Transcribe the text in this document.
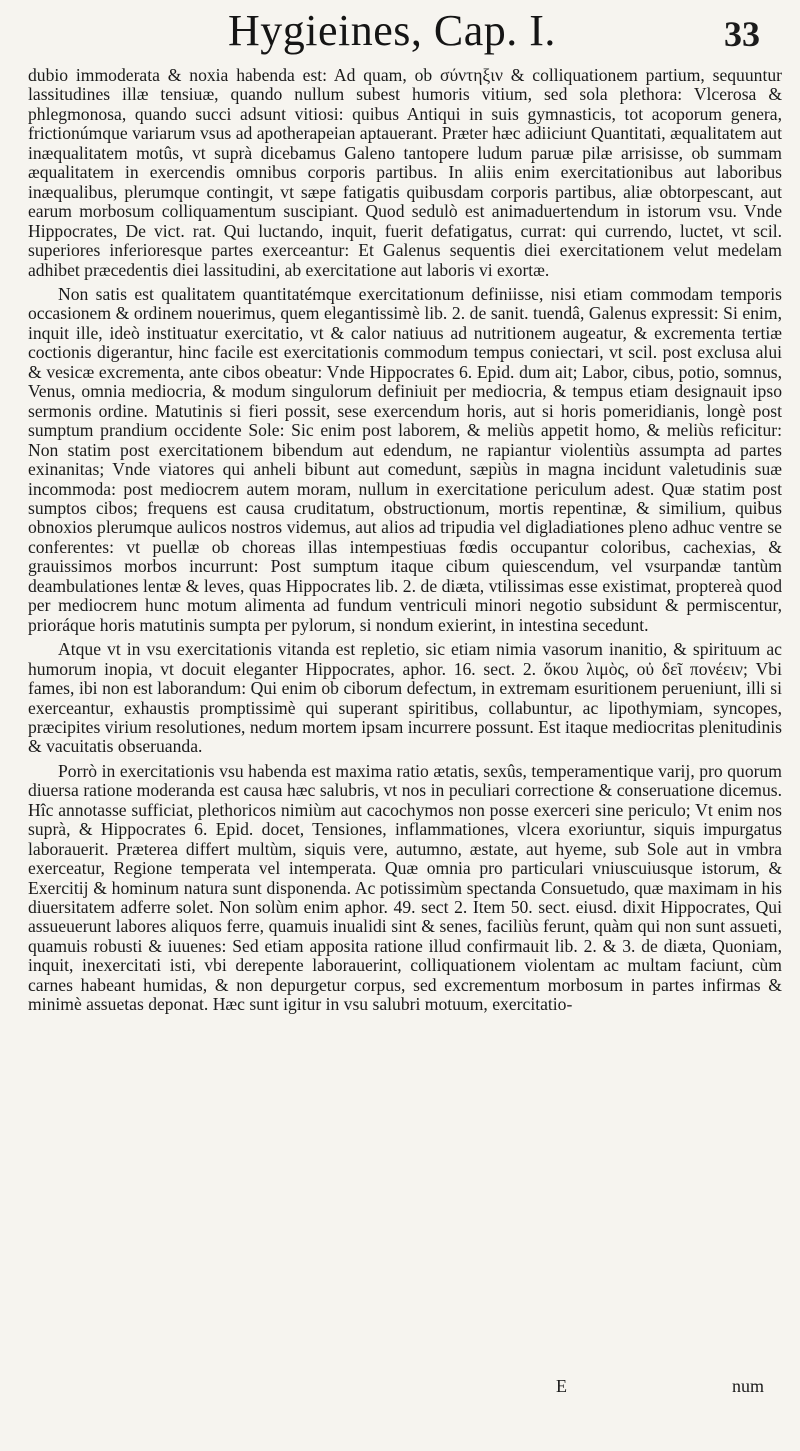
Hygieines, Cap. I.	33

dubio immoderata & noxia habenda est: Ad quam, ob σύντηξιν & colliquationem partium, sequuntur lassitudines illæ tensiuæ, quando nullum subest humoris vitium, sed sola plethora: Vlcerosa & phlegmonosa, quando succi adsunt vitiosi: quibus Antiqui in suis gymnasticis, tot acoporum genera, frictionúmque variarum vsus ad apotherapeian aptauerant. Præter hæc adiiciunt Quantitati, æqualitatem aut inæqualitatem motûs, vt suprà dicebamus Galeno tantopere ludum paruæ pilæ arrisisse, ob summam æqualitatem in exercendis omnibus corporis partibus. In aliis enim exercitationibus aut laboribus inæqualibus, plerumque contingit, vt sæpe fatigatis quibusdam corporis partibus, aliæ obtorpescant, aut earum morbosum colliquamentum suscipiant. Quod sedulò est animaduertendum in istorum vsu. Vnde Hippocrates, De vict. rat. Qui luctando, inquit, fuerit defatigatus, currat: qui currendo, luctet, vt scil. superiores inferioresque partes exerceantur: Et Galenus sequentis diei exercitationem velut medelam adhibet præcedentis diei lassitudini, ab exercitatione aut laboris vi exortæ.

Non satis est qualitatem quantitatémque exercitationum definiisse, nisi etiam commodam temporis occasionem & ordinem nouerimus, quem elegantissimè lib. 2. de sanit. tuendâ, Galenus expressit: Si enim, inquit ille, ideò instituatur exercitatio, vt & calor natiuus ad nutritionem augeatur, & excrementa tertiæ coctionis digerantur, hinc facile est exercitationis commodum tempus coniectari, vt scil. post exclusa alui & vesicæ excrementa, ante cibos obeatur: Vnde Hippocrates 6. Epid. dum ait; Labor, cibus, potio, somnus, Venus, omnia mediocria, & modum singulorum definiuit per mediocria, & tempus etiam designauit ipso sermonis ordine. Matutinis si fieri possit, sese exercendum horis, aut si horis pomeridianis, longè post sumptum prandium occidente Sole: Sic enim post laborem, & meliùs appetit homo, & meliùs reficitur: Non statim post exercitationem bibendum aut edendum, ne rapiantur violentiùs assumpta ad partes exinanitas; Vnde viatores qui anheli bibunt aut comedunt, sæpiùs in magna incidunt valetudinis suæ incommoda: post mediocrem autem moram, nullum in exercitatione periculum adest. Quæ statim post sumptos cibos; frequens est causa cruditatum, obstructionum, mortis repentinæ, & similium, quibus obnoxios plerumque aulicos nostros videmus, aut alios ad tripudia vel digladiationes pleno adhuc ventre se conferentes: vt puellæ ob choreas illas intempestiuas fœdis occupantur coloribus, cachexias, & grauissimos morbos incurrunt: Post sumptum itaque cibum quiescendum, vel vsurpandæ tantùm deambulationes lentæ & leves, quas Hippocrates lib. 2. de diæta, vtilissimas esse existimat, proptereà quod per mediocrem hunc motum alimenta ad fundum ventriculi minori negotio subsidunt & permiscentur, prioráque horis matutinis sumpta per pylorum, si nondum exierint, in intestina secedunt.

Atque vt in vsu exercitationis vitanda est repletio, sic etiam nimia vasorum inanitio, & spirituum ac humorum inopia, vt docuit eleganter Hippocrates, aphor. 16. sect. 2. ὅκου λιμὸς, οὐ δεῖ πονέειν; Vbi fames, ibi non est laborandum: Qui enim ob ciborum defectum, in extremam esuritionem perueniunt, illi si exerceantur, exhaustis promptissimè qui superant spiritibus, collabuntur, ac lipothymiam, syncopes, præcipites virium resolutiones, nedum mortem ipsam incurrere possunt. Est itaque mediocritas plenitudinis & vacuitatis obseruanda.

Porrò in exercitationis vsu habenda est maxima ratio ætatis, sexûs, temperamentique varij, pro quorum diuersa ratione moderanda est causa hæc salubris, vt nos in peculiari correctione & conseruatione dicemus. Hîc annotasse sufficiat, plethoricos nimiùm aut cacochymos non posse exerceri sine periculo; Vt enim nos suprà, & Hippocrates 6. Epid. docet, Tensiones, inflammationes, vlcera exoriuntur, siquis impurgatus laborauerit. Præterea differt multùm, siquis vere, autumno, æstate, aut hyeme, sub Sole aut in vmbra exerceatur, Regione temperata vel intemperata. Quæ omnia pro particulari vniuscuiusque istorum, & Exercitij & hominum natura sunt disponenda. Ac potissimùm spectanda Consuetudo, quæ maximam in his diuersitatem adferre solet. Non solùm enim aphor. 49. sect 2. Item 50. sect. eiusd. dixit Hippocrates, Qui assueuerunt labores aliquos ferre, quamuis inualidi sint & senes, faciliùs ferunt, quàm qui non sunt assueti, quamuis robusti & iuuenes: Sed etiam apposita ratione illud confirmauit lib. 2. & 3. de diæta, Quoniam, inquit, inexercitati isti, vbi derepente laborauerint, colliquationem violentam ac multam faciunt, cùm carnes habeant humidas, & non depurgetur corpus, sed excrementum morbosum in partes infirmas & minimè assuetas deponat. Hæc sunt igitur in vsu salubri motuum, exercitatio-

E	num
